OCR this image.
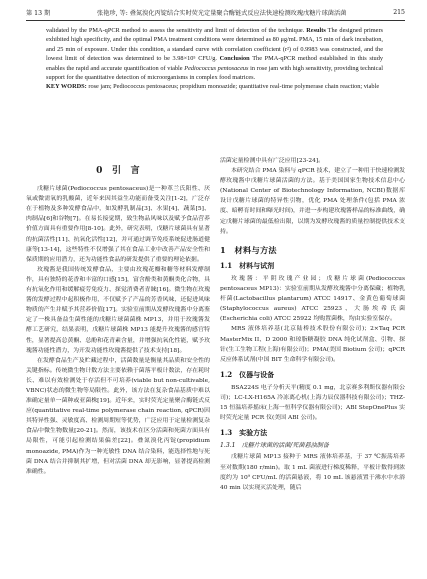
第 13 期	张艳珍, 等: 叠氮溴化丙锭结合实时荧光定量聚合酶链式反应法快速检测玫瑰戊糖片球菌活菌	215

validated by the PMA-qPCR method to assess the sensitivity and limit of detection of the technique. Results The designed primers exhibited high specificity, and the optimal PMA treatment conditions were determined as 80 μg/mL PMA, 15 min of dark incubation, and 25 min of exposure. Under this condition, a standard curve with correlation coefficient (r²) of 0.9983 was constructed, and the lowest limit of detection was determined to be 3.98×10⁵ CFU/g. Conclusion The PMA-qPCR method established in this study enables the rapid and accurate quantification of viable Pediococcus pentosaceus in rose jam with high sensitivity, providing technical support for the quantitative detection of microorganisms in complex food matrices.

KEY WORDS: rose jam; Pediococcus pentosaceus; propidium monoazide; quantitative real-time polymerase chain reaction; viable

0　引　言

戊糖片球菌(Pediococcus pentosaceus)是一种革兰氏阳性、厌氧或微需氧的乳酸菌，近年来因其益生功能而备受关注[1-2]，广泛存在于植物及多种发酵食品中，如发酵乳制品[3]、水果[4]、蔬菜[5]、肉制品[6]和谷物[7]。在易长接觉期，致生物品风味以及赋予食品营养价值方面具有重要作用[8-10]。此外，研究表明，戊糖片球菌具有显著的抗菌活性[11]、抗氧化活性[12]，并可通过调节免疫系统促进肠道健康等[13-14]，这些特性不仅增强了其在食品工业中改善产品安全性和保质期的应用潜力，还为功能性食品的研发提供了重要的理论依据。

玫瑰酱是我国传统发酵食品，主要由玫瑰花瓣和糖等材料发酵制作，具有独特的花香和丰富的口感[15]，富含酚类和黄酮类化合物，具有抗氧化作用和缓解疲劳免疫力、探觉消费者青睐[16]。微生物在玫瑰酱的发酵过程中起积极作用，不仅赋予了产品的芳香风味，还促进风味物质的产生并赋予其营养价值[17]。实验室前期从发酵玫瑰酱中分离鉴定了一株具备益生菌性能的戊糖片球菌菌株 MP13，并用于玫瑰酱发酵工艺研究，结果表明，戊糖片球菌株 MP13 能提升玫瑰酱的感官特性，显著提高总黄酮、总酚和花青素含量，并增强抗氧化性能，赋予玫瑰酱功能性潜力，为开发功能性玫瑰酱提供了技术支持[18]。

在发酵食品生产及贮藏过程中，活菌数量是衡量其品质和安全性的关键指标。传统微生物计数方法主要依赖于菌落平板计数法，存在耗时长、难以有效检测处于存活但不可培养(viable but non-cultivable, VBNC)状态的微生物等局限性。此外，该方法在复杂食品基质中难以准确定量单一菌种或亚菌株[19]。近年来，实时荧光定量聚合酶链式反应(quantitative real-time polymerase chain reaction, qPCR)因其特异性强、灵敏度高、检测周期短等优势，广泛应用于定量检测复杂食品中微生物数量[20-21]。然而，该技术在区分活菌和死菌方面具有局限性，可能引起检测结果偏差[22]。叠氮溴化丙锭(propidium monoazide, PMA)作为一种光敏性 DNA 结合染料，能选择性地与死菌 DNA 结合并抑制其扩增，但对活菌 DNA 却无影响，显著提高检测准确性。

活菌定量检测中具有广泛应用[23-24]。

本研究结合 PMA 染料与 qPCR 技术，建立了一种用于快速检测发酵玫瑰酱中戊糖片球菌活菌的方法。基于美国国家生物技术信息中心(National Center of Biotechnology Information, NCBI)数据库设计戊糖片球菌的特异性引物，优化 PMA 处理条件(包括 PMA 浓度、暗孵育时间和曝光时间)，并进一步构建玫瑰酱样品的标准曲线，确定戊糖片球菌的最低检出限，以期为发酵玫瑰酱的质量控制提供技术支持。

1　材料与方法
1.1　材料与试剂

玫瑰酱：平阴玫瑰产业园；戊糖片球菌(Pediococcus pentosaceus MP13)：实验室前期从发酵玫瑰酱中分离保藏；植物乳杆菌(Lactobacillus plantarum) ATCC 14917、金黄色葡萄球菌(Staphylococcus aureus) ATCC 25923、大肠埃希氏菌(Escherichia coli) ATCC 25922 均购置菌株，均由实验室保存。

MRS 液体培养基(北京陆桥技术股份有限公司)；2×Taq PCR MasterMix II、D 2000 和琼脂糖凝胶 DNA 纯化试剂盒、引物、探针(生工生物工程(上海)有限公司)；PMA(美国 Biotium 公司)；qPCR 反应体系试剂(中国 BIT 生命科学有限公司)。

1.2　仪器与设备

BSA224S 电子分析天平(精度 0.1 mg，北京赛多利斯仪器有限公司)；LC-LX-H165A 冷冻离心机(上海力辰仪器科技有限公司)；THZ-15 恒温培养摇床(上海一恒科学仪器有限公司)；ABI StepOnePlus 实时荧光定量 PCR 仪(美国 ABI 公司)。

1.3　实验方法
1.3.1　戊糖片球菌的活菌/死菌悬浊制备

戊糖片球菌 MP13 接种于 MRS 液体培养基，于 37 ℃振荡培养至对数期(180 r/min)。取 1 mL 菌液进行梯度稀释，平板计数得到浓度约为 10⁹ CFU/mL 的活菌悬液，将 10 mL 该悬液置于沸水中水浴 40 min 以实现灭活处理，随后
